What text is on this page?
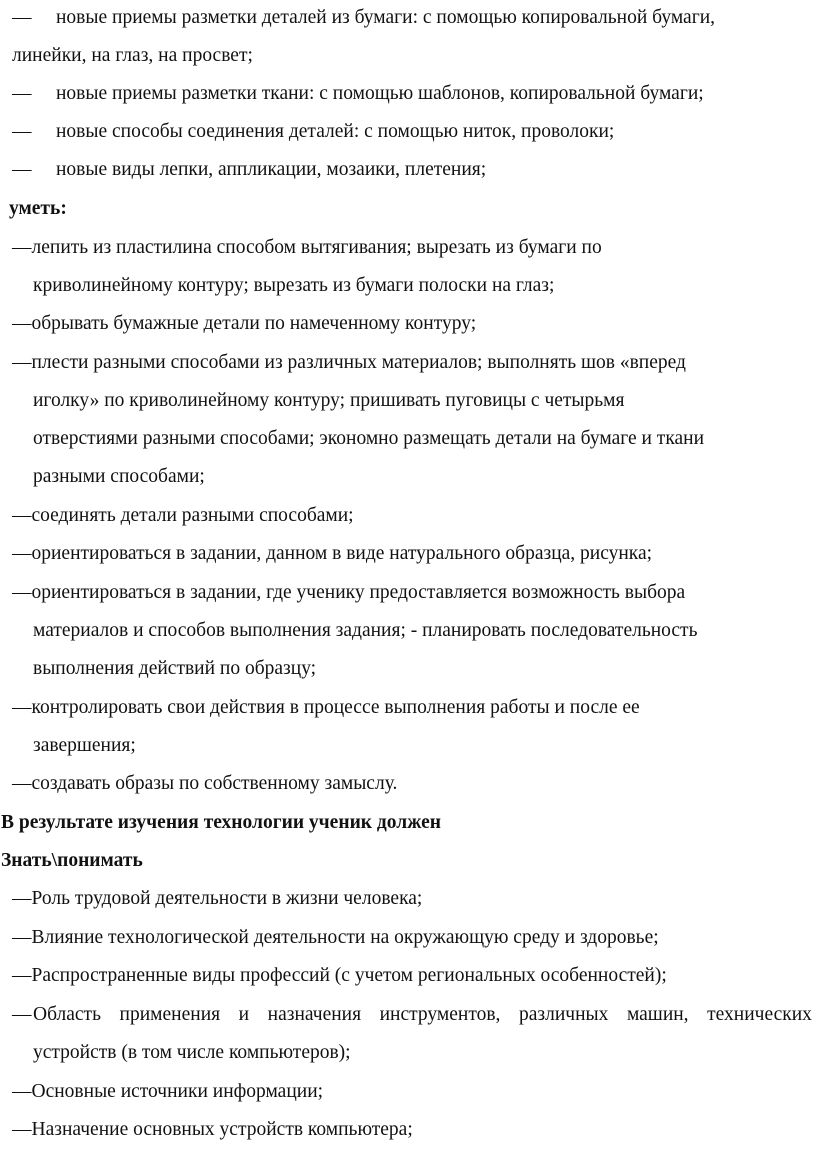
— новые приемы разметки деталей из бумаги: с помощью копировальной бумаги,
линейки, на глаз, на просвет;
— новые приемы разметки ткани: с помощью шаблонов, копировальной бумаги;
— новые способы соединения деталей: с помощью ниток, проволоки;
— новые виды лепки, аппликации, мозаики, плетения;
уметь:
—лепить из пластилина способом вытягивания; вырезать из бумаги по
криволинейному контуру; вырезать из бумаги полоски на глаз;
—обрывать бумажные детали по намеченному контуру;
—плести разными способами из различных материалов; выполнять шов «вперед
иголку» по криволинейному контуру; пришивать пуговицы с четырьмя
отверстиями разными способами; экономно размещать детали на бумаге и ткани
разными способами;
—соединять детали разными способами;
—ориентироваться в задании, данном в виде натурального образца, рисунка;
—ориентироваться в задании, где ученику предоставляется возможность выбора
материалов и способов выполнения задания; - планировать последовательность
выполнения действий по образцу;
—контролировать свои действия в процессе выполнения работы и после ее
завершения;
—создавать образы по собственному замыслу.
В результате изучения технологии ученик должен
Знать\понимать
—Роль трудовой деятельности в жизни человека;
—Влияние технологической деятельности на окружающую среду и здоровье;
—Распространенные виды профессий (с учетом региональных особенностей);
— Область применения и назначения инструментов, различных машин, технических
устройств (в том числе компьютеров);
—Основные источники информации;
—Назначение основных устройств компьютера;
